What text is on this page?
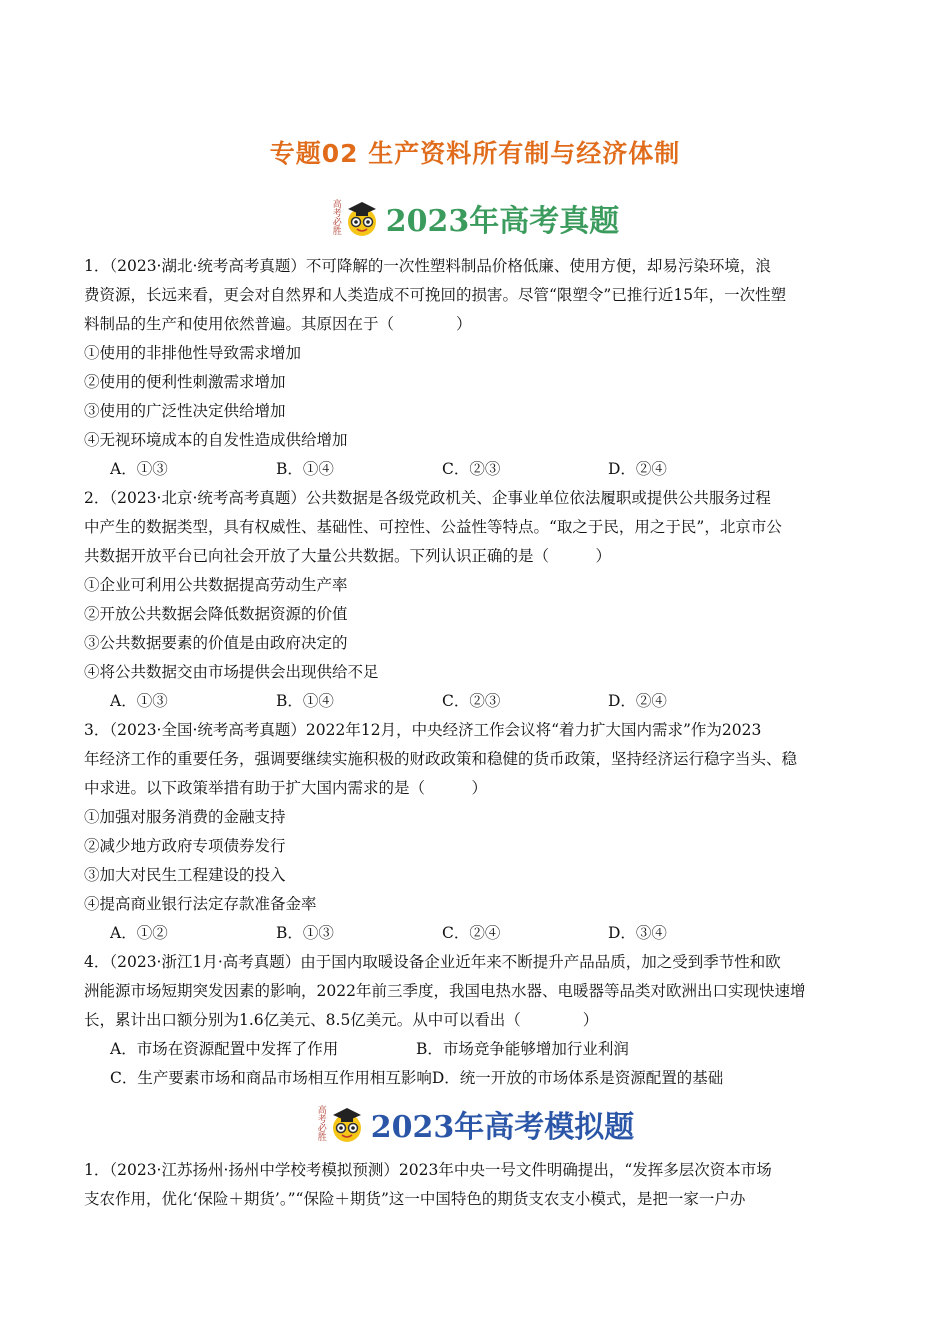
专题02 生产资料所有制与经济体制
高考必胜 2023年高考真题
1．（2023·湖北·统考高考真题）不可降解的一次性塑料制品价格低廉、使用方便，却易污染环境，浪
费资源，长远来看，更会对自然界和人类造成不可挽回的损害。尽管“限塑令”已推行近15年，一次性塑
料制品的生产和使用依然普遍。其原因在于（　　　　）
①使用的非排他性导致需求增加
②使用的便利性刺激需求增加
③使用的广泛性决定供给增加
④无视环境成本的自发性造成供给增加
A．①③	B．①④	C．②③	D．②④
2．（2023·北京·统考高考真题）公共数据是各级党政机关、企事业单位依法履职或提供公共服务过程
中产生的数据类型，具有权威性、基础性、可控性、公益性等特点。“取之于民，用之于民”，北京市公
共数据开放平台已向社会开放了大量公共数据。下列认识正确的是（　　　）
①企业可利用公共数据提高劳动生产率
②开放公共数据会降低数据资源的价值
③公共数据要素的价值是由政府决定的
④将公共数据交由市场提供会出现供给不足
A．①③	B．①④	C．②③	D．②④
3．（2023·全国·统考高考真题）2022年12月，中央经济工作会议将“着力扩大国内需求”作为2023
年经济工作的重要任务，强调要继续实施积极的财政政策和稳健的货币政策，坚持经济运行稳字当头、稳
中求进。以下政策举措有助于扩大国内需求的是（　　　）
①加强对服务消费的金融支持
②减少地方政府专项债券发行
③加大对民生工程建设的投入
④提高商业银行法定存款准备金率
A．①②	B．①③	C．②④	D．③④
4．（2023·浙江1月·高考真题）由于国内取暖设备企业近年来不断提升产品品质，加之受到季节性和欧
洲能源市场短期突发因素的影响，2022年前三季度，我国电热水器、电暖器等品类对欧洲出口实现快速增
长，累计出口额分别为1.6亿美元、8.5亿美元。从中可以看出（　　　　）
A．市场在资源配置中发挥了作用	B．市场竞争能够增加行业利润
C．生产要素市场和商品市场相互作用相互影响D．统一开放的市场体系是资源配置的基础
高考必胜 2023年高考模拟题
1．（2023·江苏扬州·扬州中学校考模拟预测）2023年中央一号文件明确提出，“发挥多层次资本市场
支农作用，优化‘保险＋期货’。”“保险＋期货”这一中国特色的期货支农支小模式，是把一家一户办
